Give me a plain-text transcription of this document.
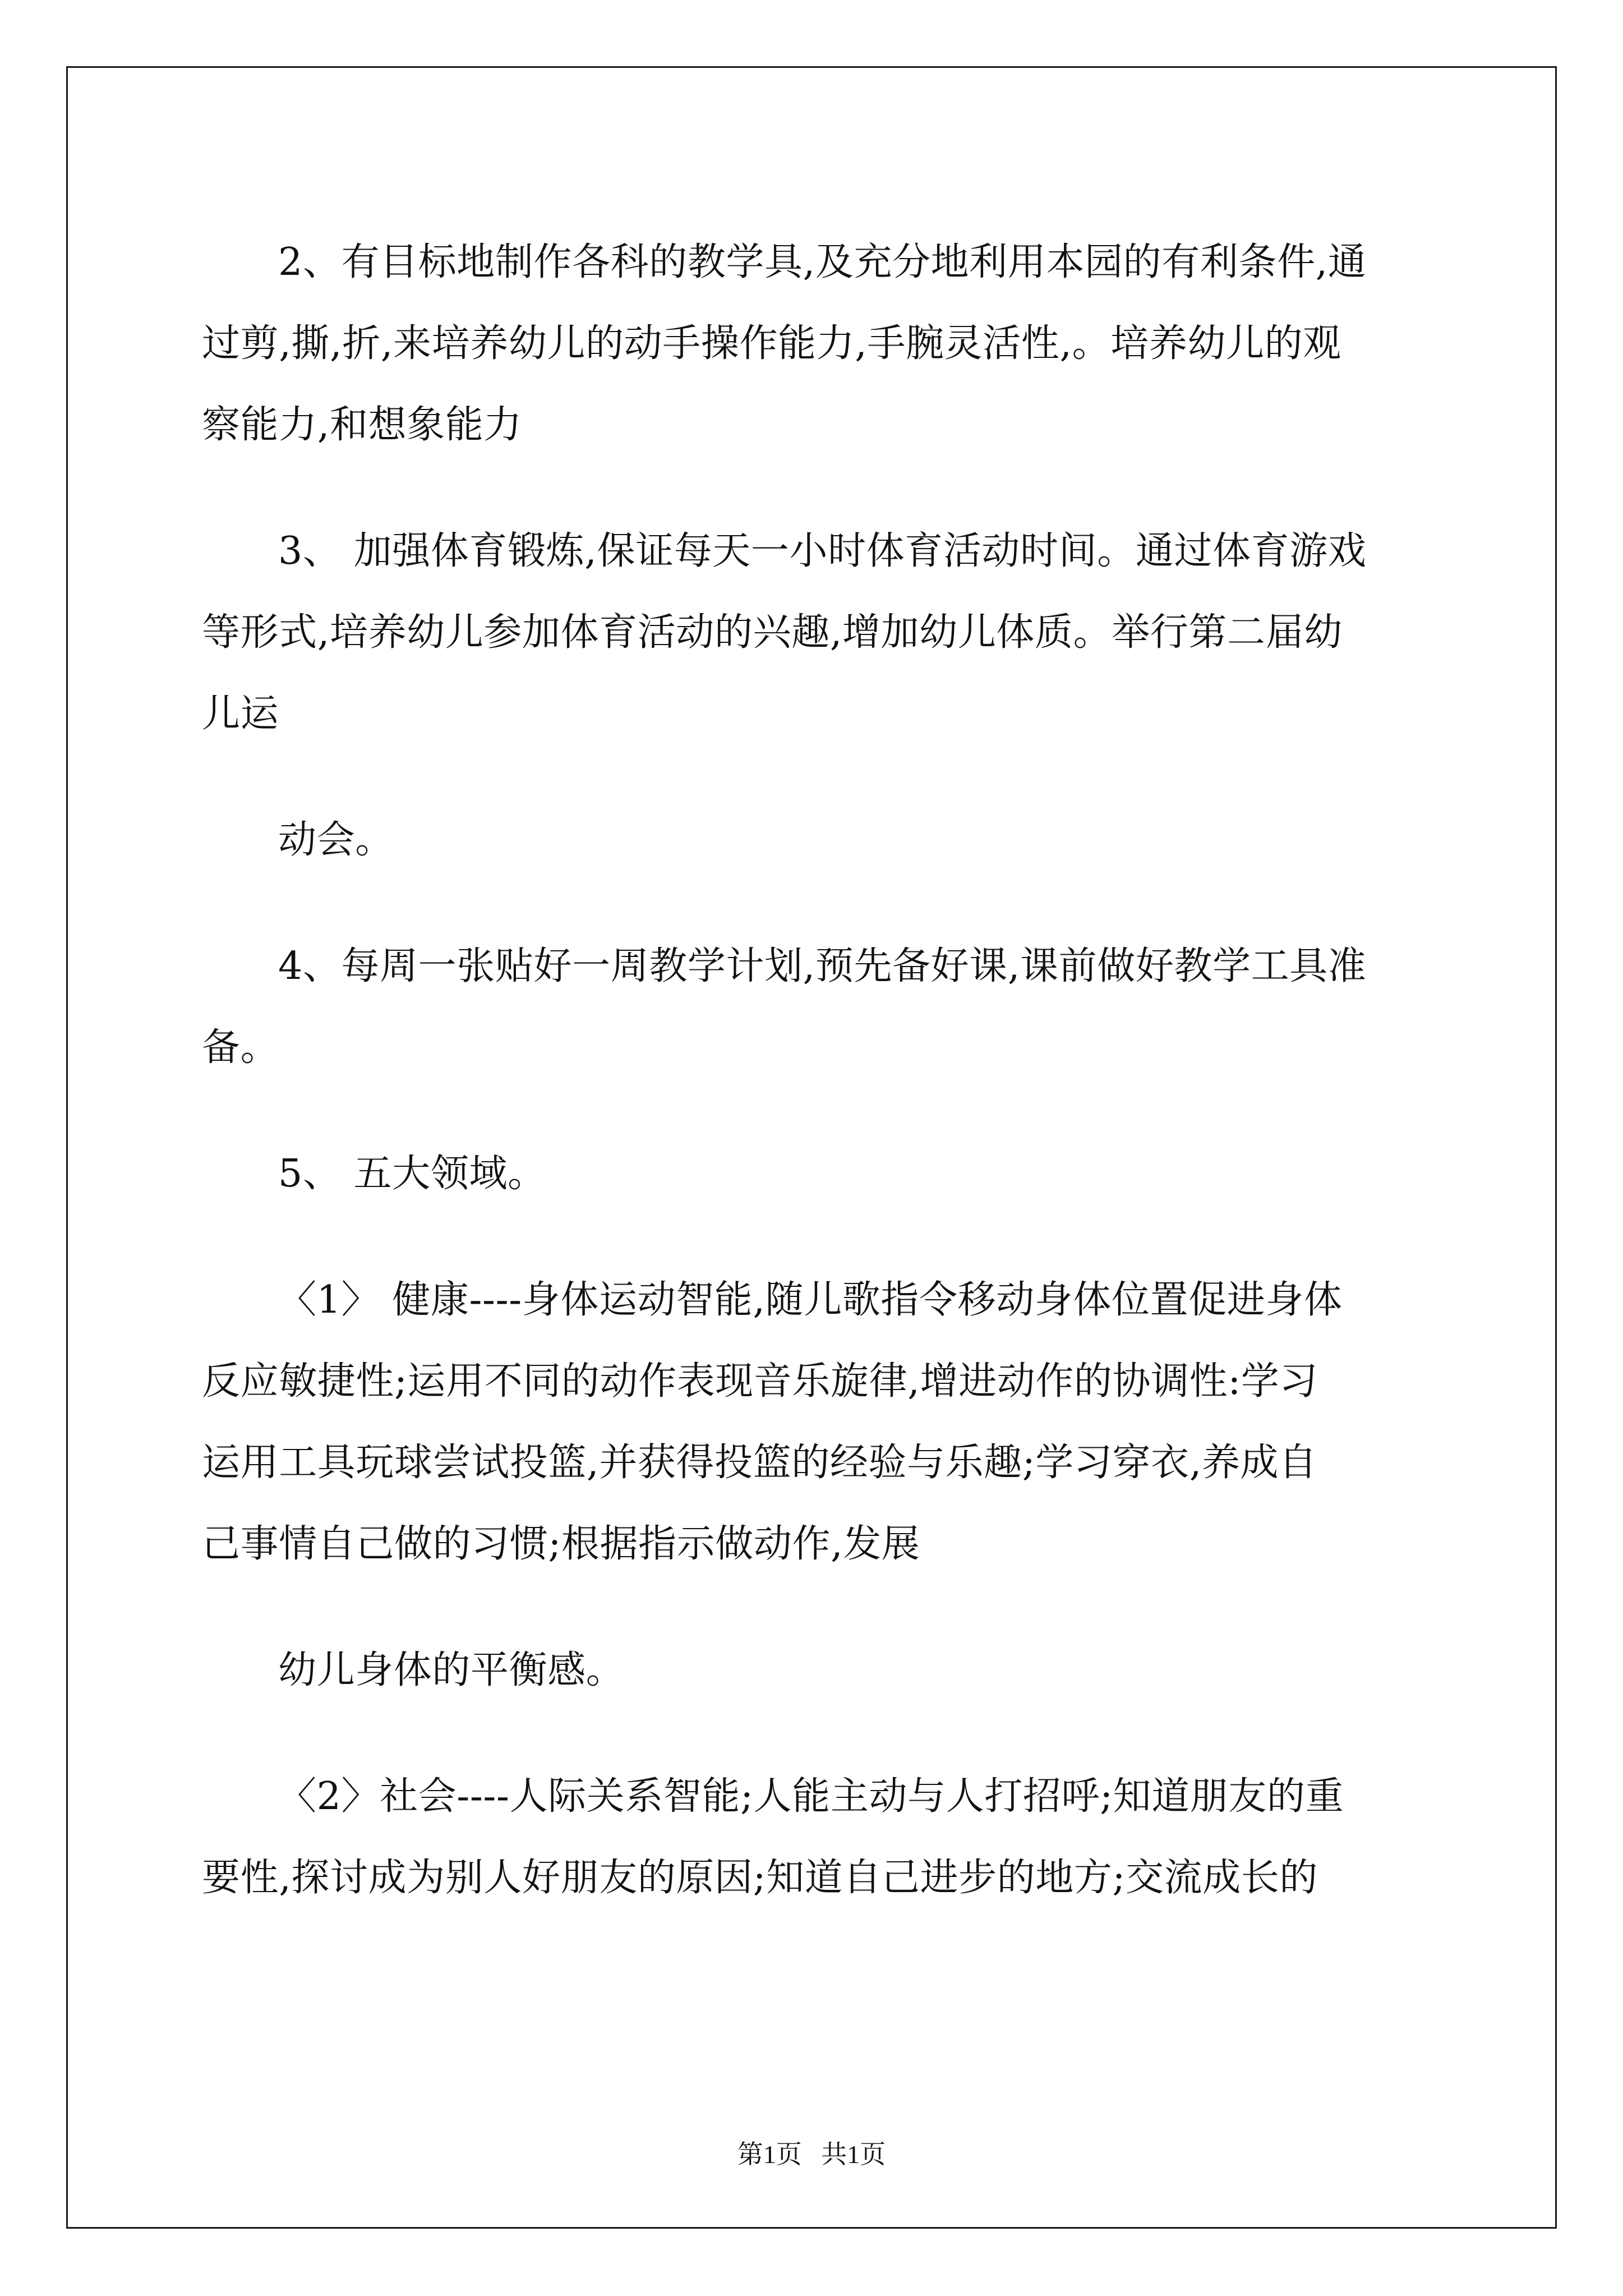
2、有目标地制作各科的教学具,及充分地利用本园的有利条件,通
过剪,撕,折,来培养幼儿的动手操作能力,手腕灵活性,。培养幼儿的观
察能力,和想象能力
3、 加强体育锻炼,保证每天一小时体育活动时间。通过体育游戏
等形式,培养幼儿参加体育活动的兴趣,增加幼儿体质。举行第二届幼
儿运
动会。
4、每周一张贴好一周教学计划,预先备好课,课前做好教学工具准
备。
5、 五大领域。
〈1〉 健康----身体运动智能,随儿歌指令移动身体位置促进身体
反应敏捷性;运用不同的动作表现音乐旋律,增进动作的协调性:学习
运用工具玩球尝试投篮,并获得投篮的经验与乐趣;学习穿衣,养成自
己事情自己做的习惯;根据指示做动作,发展
幼儿身体的平衡感。
〈2〉社会----人际关系智能;人能主动与人打招呼;知道朋友的重
要性,探讨成为别人好朋友的原因;知道自己进步的地方;交流成长的
第1页   共1页
